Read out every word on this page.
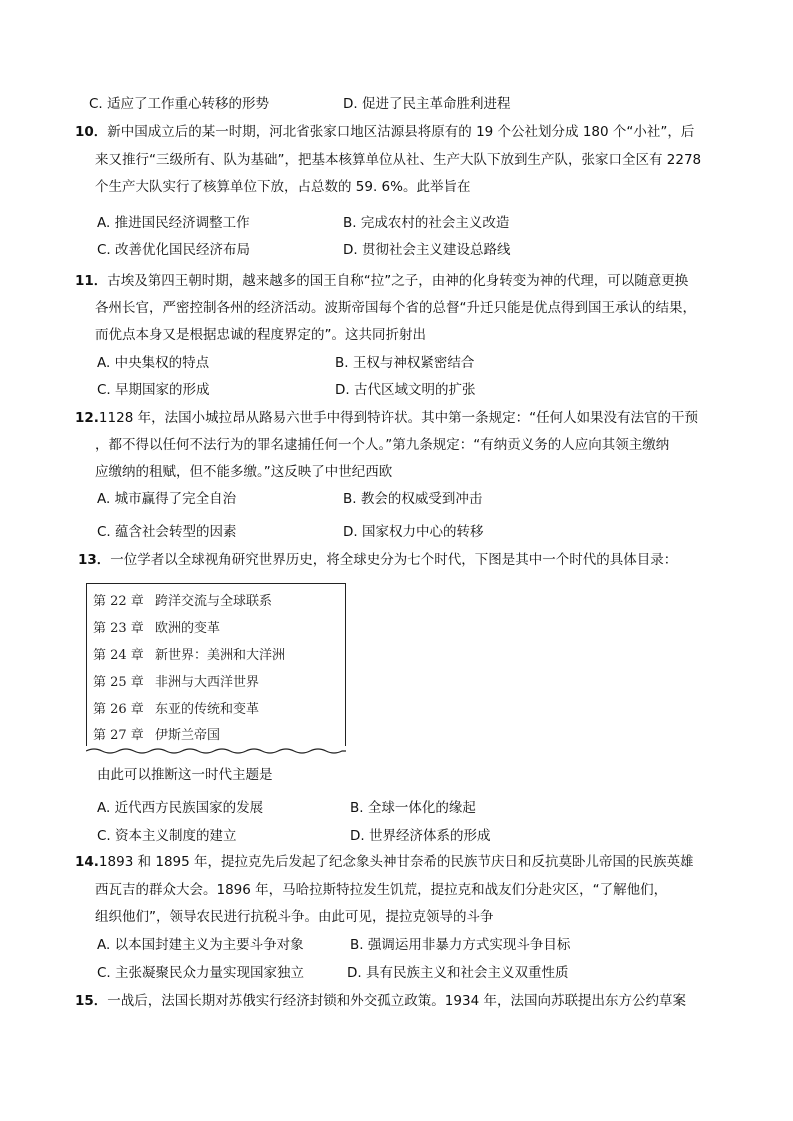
C. 适应了工作重心转移的形势	D. 促进了民主革命胜利进程
10．新中国成立后的某一时期，河北省张家口地区沽源县将原有的 19 个公社划分成 180 个“小社”，后
来又推行“三级所有、队为基础”，把基本核算单位从社、生产大队下放到生产队，张家口全区有 2278
个生产大队实行了核算单位下放，占总数的 59. 6%。此举旨在
A. 推进国民经济调整工作	B. 完成农村的社会主义改造
C. 改善优化国民经济布局	D. 贯彻社会主义建设总路线
11．古埃及第四王朝时期，越来越多的国王自称“拉”之子，由神的化身转变为神的代理，可以随意更换
各州长官，严密控制各州的经济活动。波斯帝国每个省的总督“升迁只能是优点得到国王承认的结果，
而优点本身又是根据忠诚的程度界定的”。这共同折射出
A. 中央集权的特点	B. 王权与神权紧密结合
C. 早期国家的形成	D. 古代区域文明的扩张
12.1128 年，法国小城拉昂从路易六世手中得到特许状。其中第一条规定：“任何人如果没有法官的干预
，都不得以任何不法行为的罪名逮捕任何一个人。”第九条规定：“有纳贡义务的人应向其领主缴纳
应缴纳的租赋，但不能多缴。”这反映了中世纪西欧
A. 城市赢得了完全自治	B. 教会的权威受到冲击
C. 蕴含社会转型的因素	D. 国家权力中心的转移
13．一位学者以全球视角研究世界历史，将全球史分为七个时代，下图是其中一个时代的具体目录：
第 22 章 跨洋交流与全球联系
第 23 章 欧洲的变革
第 24 章 新世界：美洲和大洋洲
第 25 章 非洲与大西洋世界
第 26 章 东亚的传统和变革
第 27 章 伊斯兰帝国
由此可以推断这一时代主题是
A. 近代西方民族国家的发展	B. 全球一体化的缘起
C. 资本主义制度的建立	D. 世界经济体系的形成
14.1893 和 1895 年，提拉克先后发起了纪念象头神甘奈希的民族节庆日和反抗莫卧儿帝国的民族英雄
西瓦吉的群众大会。1896 年，马哈拉斯特拉发生饥荒，提拉克和战友们分赴灾区，“了解他们，
组织他们”，领导农民进行抗税斗争。由此可见，提拉克领导的斗争
A. 以本国封建主义为主要斗争对象	B. 强调运用非暴力方式实现斗争目标
C. 主张凝聚民众力量实现国家独立	D. 具有民族主义和社会主义双重性质
15．一战后，法国长期对苏俄实行经济封锁和外交孤立政策。1934 年，法国向苏联提出东方公约草案
